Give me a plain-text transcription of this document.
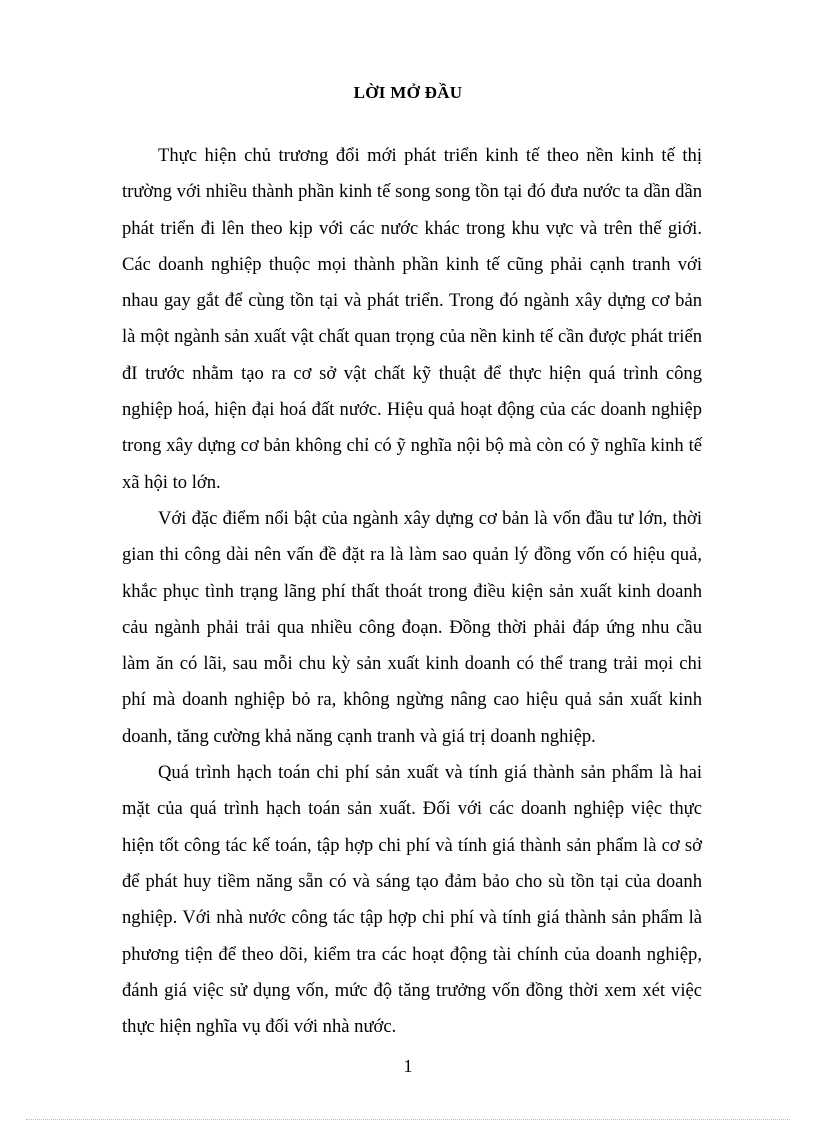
LỜI MỞ ĐẦU
Thực hiện chủ trương đổi mới phát triển kinh tế theo nền kinh tế thị
trường với nhiều thành phần kinh tế song song tồn tại đó đưa nước ta dần dần
phát triển đi lên theo kịp với các nước khác trong khu vực và trên thế giới.
Các doanh nghiệp thuộc mọi thành phần kinh tế cũng phải cạnh tranh với
nhau gay gắt để cùng tồn tại và phát triển. Trong đó ngành xây dựng cơ bản
là một ngành sản xuất vật chất quan trọng của nền kinh tế cần được phát triển
đI trước nhằm tạo ra cơ sở vật chất kỹ thuật để thực hiện quá trình công
nghiệp hoá, hiện đại hoá đất nước. Hiệu quả hoạt động của các doanh nghiệp
trong xây dựng cơ bản không chỉ có ỹ nghĩa nội bộ mà còn có ỹ nghĩa kinh tế
xã hội to lớn.
Với đặc điểm nổi bật của ngành xây dựng cơ bản là vốn đầu tư lớn, thời
gian thi công dài nên vấn đề đặt ra là làm sao quản lý đồng vốn có hiệu quả,
khắc phục tình trạng lãng phí thất thoát trong điều kiện sản xuất kinh doanh
cảu ngành phải trải qua nhiều công đoạn. Đồng thời phải đáp ứng nhu cầu
làm ăn có lãi, sau mỗi chu kỳ sản xuất kinh doanh có thể trang trải mọi chi
phí mà doanh nghiệp bỏ ra, không ngừng nâng cao hiệu quả sản xuất kinh
doanh, tăng cường khả năng cạnh tranh và giá trị doanh nghiệp.
Quá trình hạch toán chi phí sản xuất và tính giá thành sản phẩm là hai
mặt của quá trình hạch toán sản xuất. Đối với các doanh nghiệp việc thực
hiện tốt công tác kế toán, tập hợp chi phí và tính giá thành sản phẩm là cơ sở
để phát huy tiềm năng sẵn có và sáng tạo đảm bảo cho sù tồn tại của doanh
nghiệp. Với nhà nước công tác tập hợp chi phí và tính giá thành sản phẩm là
phương tiện để theo dõi, kiểm tra các hoạt động tài chính của doanh nghiệp,
đánh giá việc sử dụng vốn, mức độ tăng trưởng vốn đồng thời xem xét việc
thực hiện nghĩa vụ đối với nhà nước.
1
